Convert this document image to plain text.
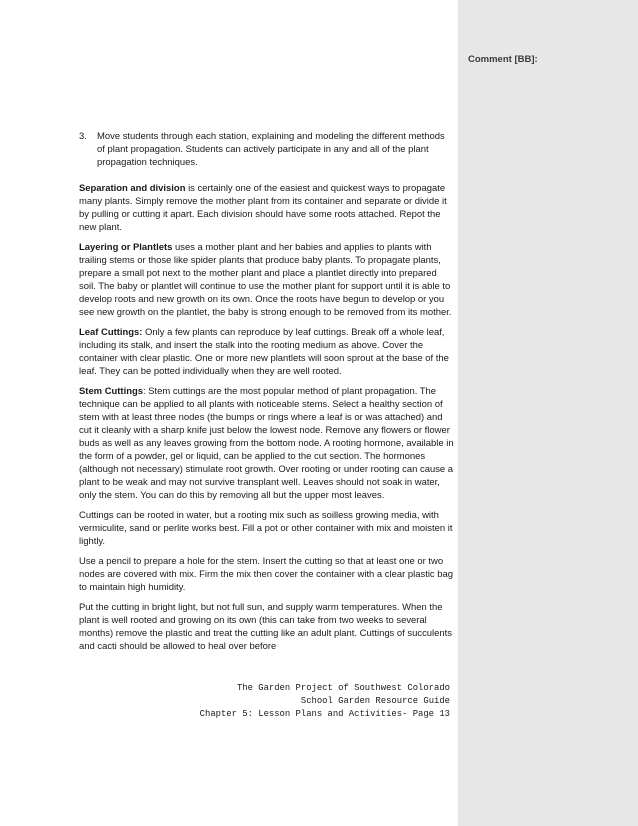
3.	Move students through each station, explaining and modeling the different methods of plant propagation. Students can actively participate in any and all of the plant propagation techniques.

Separation and division is certainly one of the easiest and quickest ways to propagate many plants. Simply remove the mother plant from its container and separate or divide it by pulling or cutting it apart. Each division should have some roots attached. Repot the new plant.

Layering or Plantlets uses a mother plant and her babies and applies to plants with trailing stems or those like spider plants that produce baby plants. To propagate plants, prepare a small pot next to the mother plant and place a plantlet directly into prepared soil. The baby or plantlet will continue to use the mother plant for support until it is able to develop roots and new growth on its own. Once the roots have begun to develop or you see new growth on the plantlet, the baby is strong enough to be removed from its mother.

Leaf Cuttings: Only a few plants can reproduce by leaf cuttings. Break off a whole leaf, including its stalk, and insert the stalk into the rooting medium as above. Cover the container with clear plastic. One or more new plantlets will soon sprout at the base of the leaf. They can be potted individually when they are well rooted.

Stem Cuttings: Stem cuttings are the most popular method of plant propagation. The technique can be applied to all plants with noticeable stems. Select a healthy section of stem with at least three nodes (the bumps or rings where a leaf is or was attached) and cut it cleanly with a sharp knife just below the lowest node. Remove any flowers or flower buds as well as any leaves growing from the bottom node. A rooting hormone, available in the form of a powder, gel or liquid, can be applied to the cut section. The hormones (although not necessary) stimulate root growth. Over rooting or under rooting can cause a plant to be weak and may not survive transplant well. Leaves should not soak in water, only the stem. You can do this by removing all but the upper most leaves.

Cuttings can be rooted in water, but a rooting mix such as soilless growing media, with vermiculite, sand or perlite works best. Fill a pot or other container with mix and moisten it lightly.

Use a pencil to prepare a hole for the stem. Insert the cutting so that at least one or two nodes are covered with mix. Firm the mix then cover the container with a clear plastic bag to maintain high humidity.

Put the cutting in bright light, but not full sun, and supply warm temperatures. When the plant is well rooted and growing on its own (this can take from two weeks to several months) remove the plastic and treat the cutting like an adult plant. Cuttings of succulents and cacti should be allowed to heal over before

The Garden Project of Southwest Colorado
School Garden Resource Guide
Chapter 5: Lesson Plans and Activities- Page 13
Comment [BB]:
